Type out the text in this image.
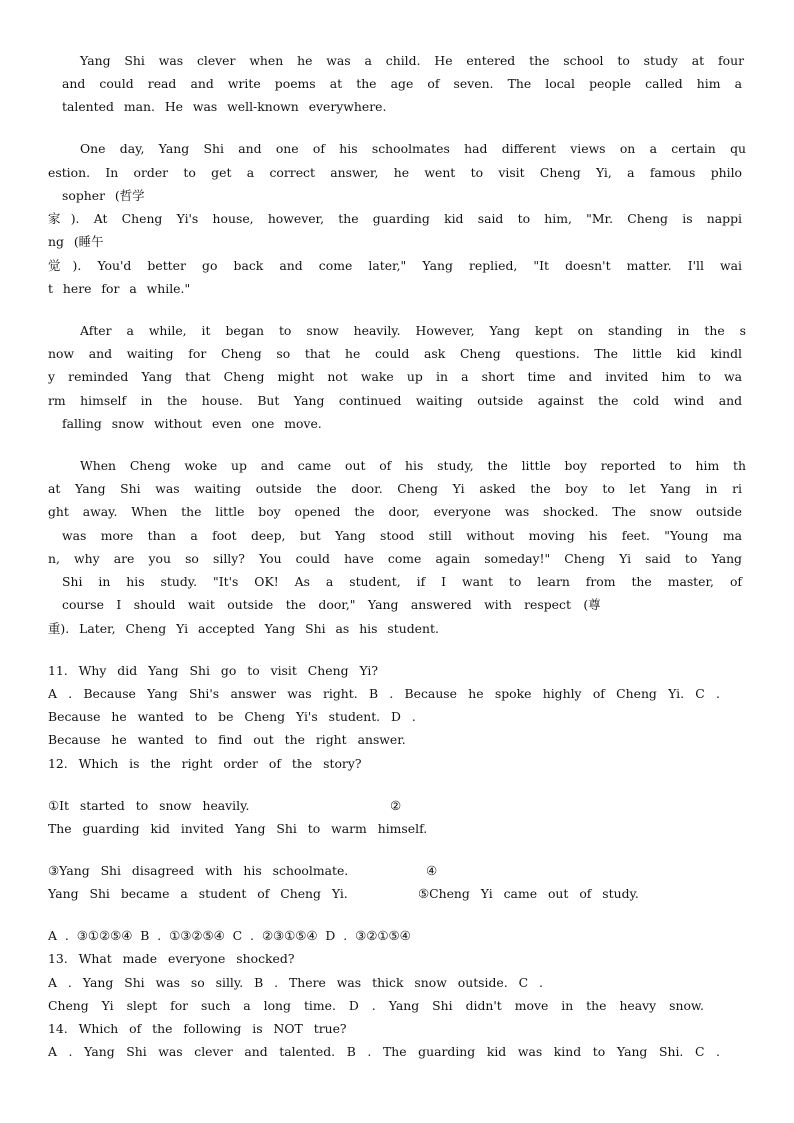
Yang Shi was clever when he was a child. He entered the school to study at four
and could read and write poems at the age of seven. The local people called him a
talented man. He was well-known everywhere.
One day, Yang Shi and one of his schoolmates had different views on a certain qu
estion. In order to get a correct answer, he went to visit Cheng Yi, a famous philo
sopher (哲学
家). At Cheng Yi's house, however, the guarding kid said to him, "Mr. Cheng is nappi
ng (睡午
觉). You'd better go back and come later," Yang replied, "It doesn't matter. I'll wai
t here for a while."
After a while, it began to snow heavily. However, Yang kept on standing in the s
now and waiting for Cheng so that he could ask Cheng questions. The little kid kindl
y reminded Yang that Cheng might not wake up in a short time and invited him to wa
rm himself in the house. But Yang continued waiting outside against the cold wind and
falling snow without even one move.
When Cheng woke up and came out of his study, the little boy reported to him th
at Yang Shi was waiting outside the door. Cheng Yi asked the boy to let Yang in ri
ght away. When the little boy opened the door, everyone was shocked. The snow outside
was more than a foot deep, but Yang stood still without moving his feet. "Young ma
n, why are you so silly? You could have come again someday!" Cheng Yi said to Yang
Shi in his study. "It's OK! As a student, if I want to learn from the master, of
course I should wait outside the door," Yang answered with respect (尊
重). Later, Cheng Yi accepted Yang Shi as his student.
11. Why did Yang Shi go to visit Cheng Yi?
A . Because Yang Shi's answer was right. B . Because he spoke highly of Cheng Yi. C .
Because he wanted to be Cheng Yi's student. D .
Because he wanted to find out the right answer.
12. Which is the right order of the story?
①It started to snow heavily.	②
The guarding kid invited Yang Shi to warm himself.
③Yang Shi disagreed with his schoolmate.	④
Yang Shi became a student of Cheng Yi.	⑤Cheng Yi came out of study.
A . ③①②⑤④ B . ①③②⑤④ C . ②③①⑤④ D . ③②①⑤④
13. What made everyone shocked?
A . Yang Shi was so silly. B . There was thick snow outside. C .
Cheng Yi slept for such a long time. D . Yang Shi didn't move in the heavy snow.
14. Which of the following is NOT true?
A . Yang Shi was clever and talented. B . The guarding kid was kind to Yang Shi. C .
